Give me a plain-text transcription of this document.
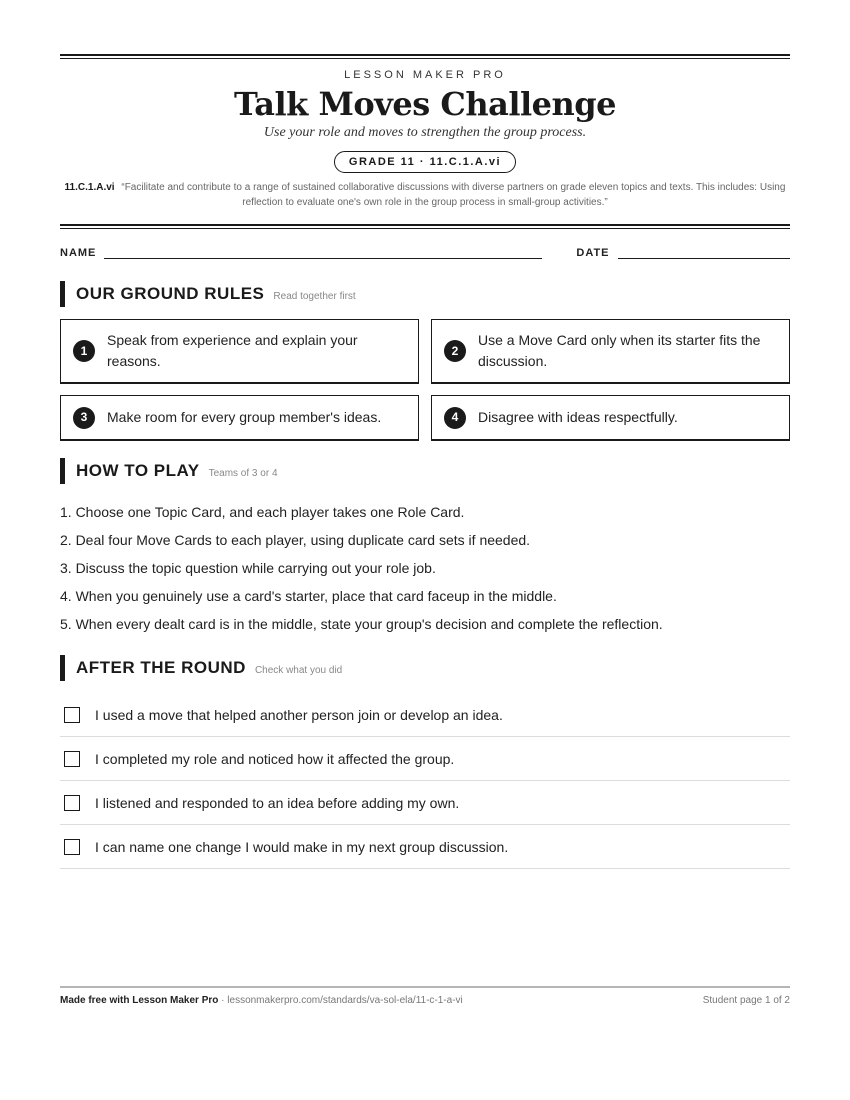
LESSON MAKER PRO
Talk Moves Challenge
Use your role and moves to strengthen the group process.
GRADE 11 · 11.C.1.A.vi
11.C.1.A.vi “Facilitate and contribute to a range of sustained collaborative discussions with diverse partners on grade eleven topics and texts. This includes: Using reflection to evaluate one's own role in the group process in small-group activities.”
NAME	DATE
OUR GROUND RULES Read together first
1
Speak from experience and explain your reasons.
2
Use a Move Card only when its starter fits the discussion.
3	Make room for every group member's ideas.	4	Disagree with ideas respectfully.
HOW TO PLAY Teams of 3 or 4
1. Choose one Topic Card, and each player takes one Role Card.
2. Deal four Move Cards to each player, using duplicate card sets if needed.
3. Discuss the topic question while carrying out your role job.
4. When you genuinely use a card's starter, place that card faceup in the middle.
5. When every dealt card is in the middle, state your group's decision and complete the reflection.
AFTER THE ROUND Check what you did
I used a move that helped another person join or develop an idea.
I completed my role and noticed how it affected the group.
I listened and responded to an idea before adding my own.
I can name one change I would make in my next group discussion.
Made free with Lesson Maker Pro · lessonmakerpro.com/standards/va-sol-ela/11-c-1-a-vi	Student page 1 of 2
